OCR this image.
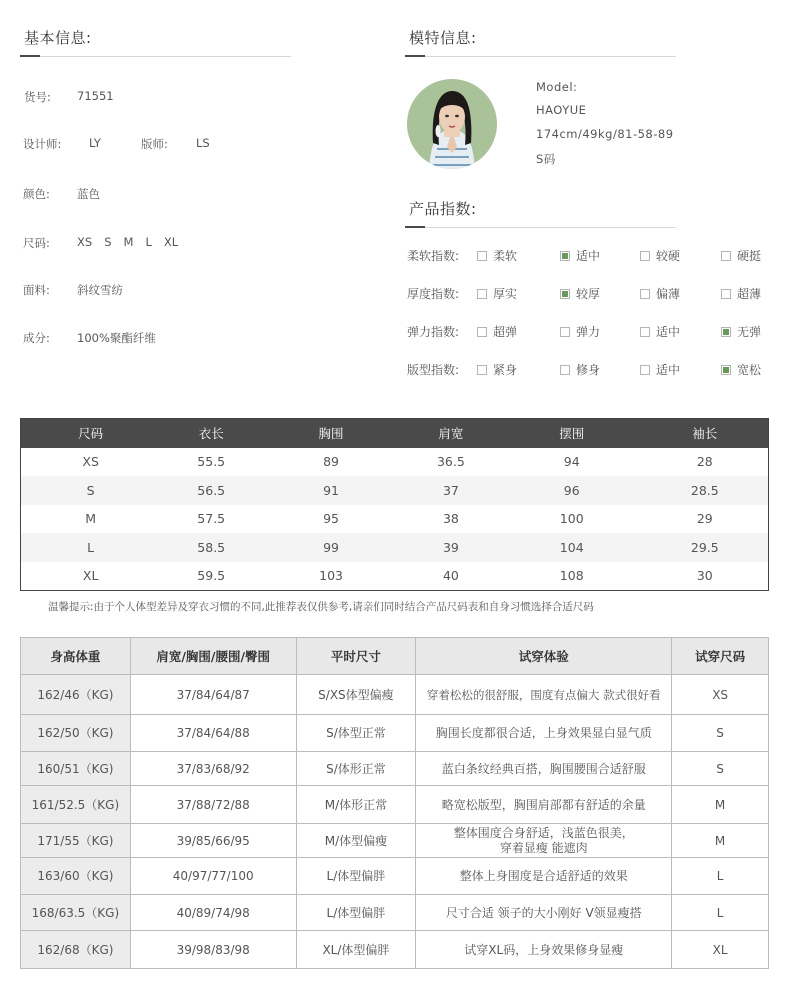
基本信息:
货号: 71551
设计师: LY	版师: LS
颜色: 蓝色
尺码: XS S M L XL
面料: 斜纹雪纺
成分: 100%聚酯纤维
模特信息:
Model:
HAOYUE
174cm/49kg/81-58-89
S码
产品指数:
柔软指数:	柔软	适中	较硬	硬挺
厚度指数:	厚实	较厚	偏薄	超薄
弹力指数:	超弹	弹力	适中	无弹
版型指数:	紧身	修身	适中	宽松
尺码	衣长	胸围	肩宽	摆围	袖长
XS	55.5	89	36.5	94	28
S	56.5	91	37	96	28.5
M	57.5	95	38	100	29
L	58.5	99	39	104	29.5
XL	59.5	103	40	108	30
温馨提示:由于个人体型差异及穿衣习惯的不同,此推荐表仅供参考,请亲们同时结合产品尺码表和自身习惯选择合适尺码
身高体重	肩宽/胸围/腰围/臀围	平时尺寸	试穿体验	试穿尺码
162/46（KG)	37/84/64/87	S/XS体型偏瘦	穿着松松的很舒服，围度有点偏大 款式很好看	XS
162/50（KG)	37/84/64/88	S/体型正常	胸围长度都很合适，上身效果显白显气质	S
160/51（KG)	37/83/68/92	S/体形正常	蓝白条纹经典百搭，胸围腰围合适舒服	S
161/52.5（KG)	37/88/72/88	M/体形正常	略宽松版型，胸围肩部都有舒适的余量	M
171/55（KG)	39/85/66/95	M/体型偏瘦	整体围度合身舒适，浅蓝色很美，
穿着显瘦 能遮肉	M
163/60（KG)	40/97/77/100	L/体型偏胖	整体上身围度是合适舒适的效果	L
168/63.5（KG)	40/89/74/98	L/体型偏胖	尺寸合适 领子的大小刚好 V领显瘦搭	L
162/68（KG)	39/98/83/98	XL/体型偏胖	试穿XL码，上身效果修身显瘦	XL
